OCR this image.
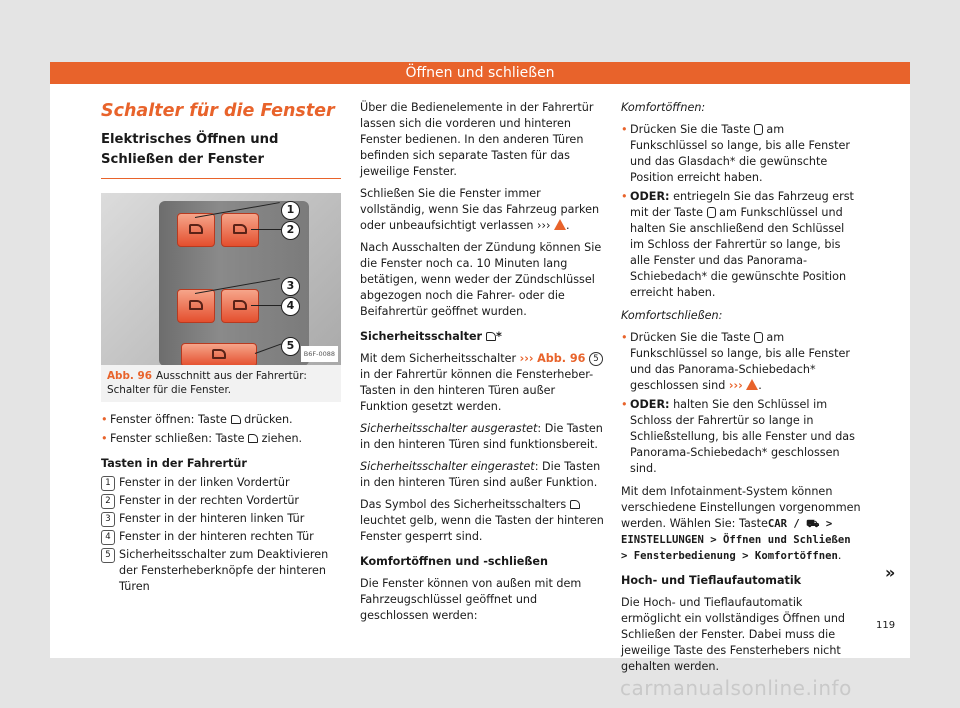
Öffnen und schließen
Schalter für die Fenster
Elektrisches Öffnen und Schließen der Fenster
1
2
3
4
5
B6F-0088
Abb. 96 Ausschnitt aus der Fahrertür: Schalter für die Fenster.
• Fenster öffnen: Taste drücken.
• Fenster schließen: Taste ziehen.
Tasten in der Fahrertür
1 Fenster in der linken Vordertür
2 Fenster in der rechten Vordertür
3 Fenster in der hinteren linken Tür
4 Fenster in der hinteren rechten Tür
5 Sicherheitsschalter zum Deaktivieren der Fensterheberknöpfe der hinteren Türen

Über die Bedienelemente in der Fahrertür lassen sich die vorderen und hinteren Fenster bedienen. In den anderen Türen befinden sich separate Tasten für das jeweilige Fenster.

Schließen Sie die Fenster immer vollständig, wenn Sie das Fahrzeug parken oder unbeaufsichtigt verlassen ››› .

Nach Ausschalten der Zündung können Sie die Fenster noch ca. 10 Minuten lang betätigen, wenn weder der Zündschlüssel abgezogen noch die Fahrer- oder die Beifahrertür geöffnet wurden.

Sicherheitsschalter *

Mit dem Sicherheitsschalter ››› Abb. 96 5 in der Fahrertür können die Fensterheber-Tasten in den hinteren Türen außer Funktion gesetzt werden.

Sicherheitsschalter ausgerastet: Die Tasten in den hinteren Türen sind funktionsbereit.

Sicherheitsschalter eingerastet: Die Tasten in den hinteren Türen sind außer Funktion.

Das Symbol des Sicherheitsschalters  leuchtet gelb, wenn die Tasten der hinteren Fenster gesperrt sind.

Komfortöffnen und -schließen

Die Fenster können von außen mit dem Fahrzeugschlüssel geöffnet und geschlossen werden:

Komfortöffnen:

• Drücken Sie die Taste am Funkschlüssel so lange, bis alle Fenster und das Glasdach* die gewünschte Position erreicht haben.
• ODER: entriegeln Sie das Fahrzeug erst mit der Taste am Funkschlüssel und halten Sie anschließend den Schlüssel im Schloss der Fahrertür so lange, bis alle Fenster und das Panorama-Schiebedach* die gewünschte Position erreicht haben.

Komfortschließen:

• Drücken Sie die Taste am Funkschlüssel so lange, bis alle Fenster und das Panorama-Schiebedach* geschlossen sind ››› .
• ODER: halten Sie den Schlüssel im Schloss der Fahrertür so lange in Schließstellung, bis alle Fenster und das Panorama-Schiebedach* geschlossen sind.

Mit dem Infotainment-System können verschiedene Einstellungen vorgenommen werden. Wählen Sie: TasteCAR / ⛟ > EINSTELLUNGEN > Öffnen und Schließen > Fensterbedienung > Komfortöffnen.

Hoch- und Tieflaufautomatik

Die Hoch- und Tieflaufautomatik ermöglicht ein vollständiges Öffnen und Schließen der Fenster. Dabei muss die jeweilige Taste des Fensterhebers nicht gehalten werden.

»
119
carmanualsonline.info
